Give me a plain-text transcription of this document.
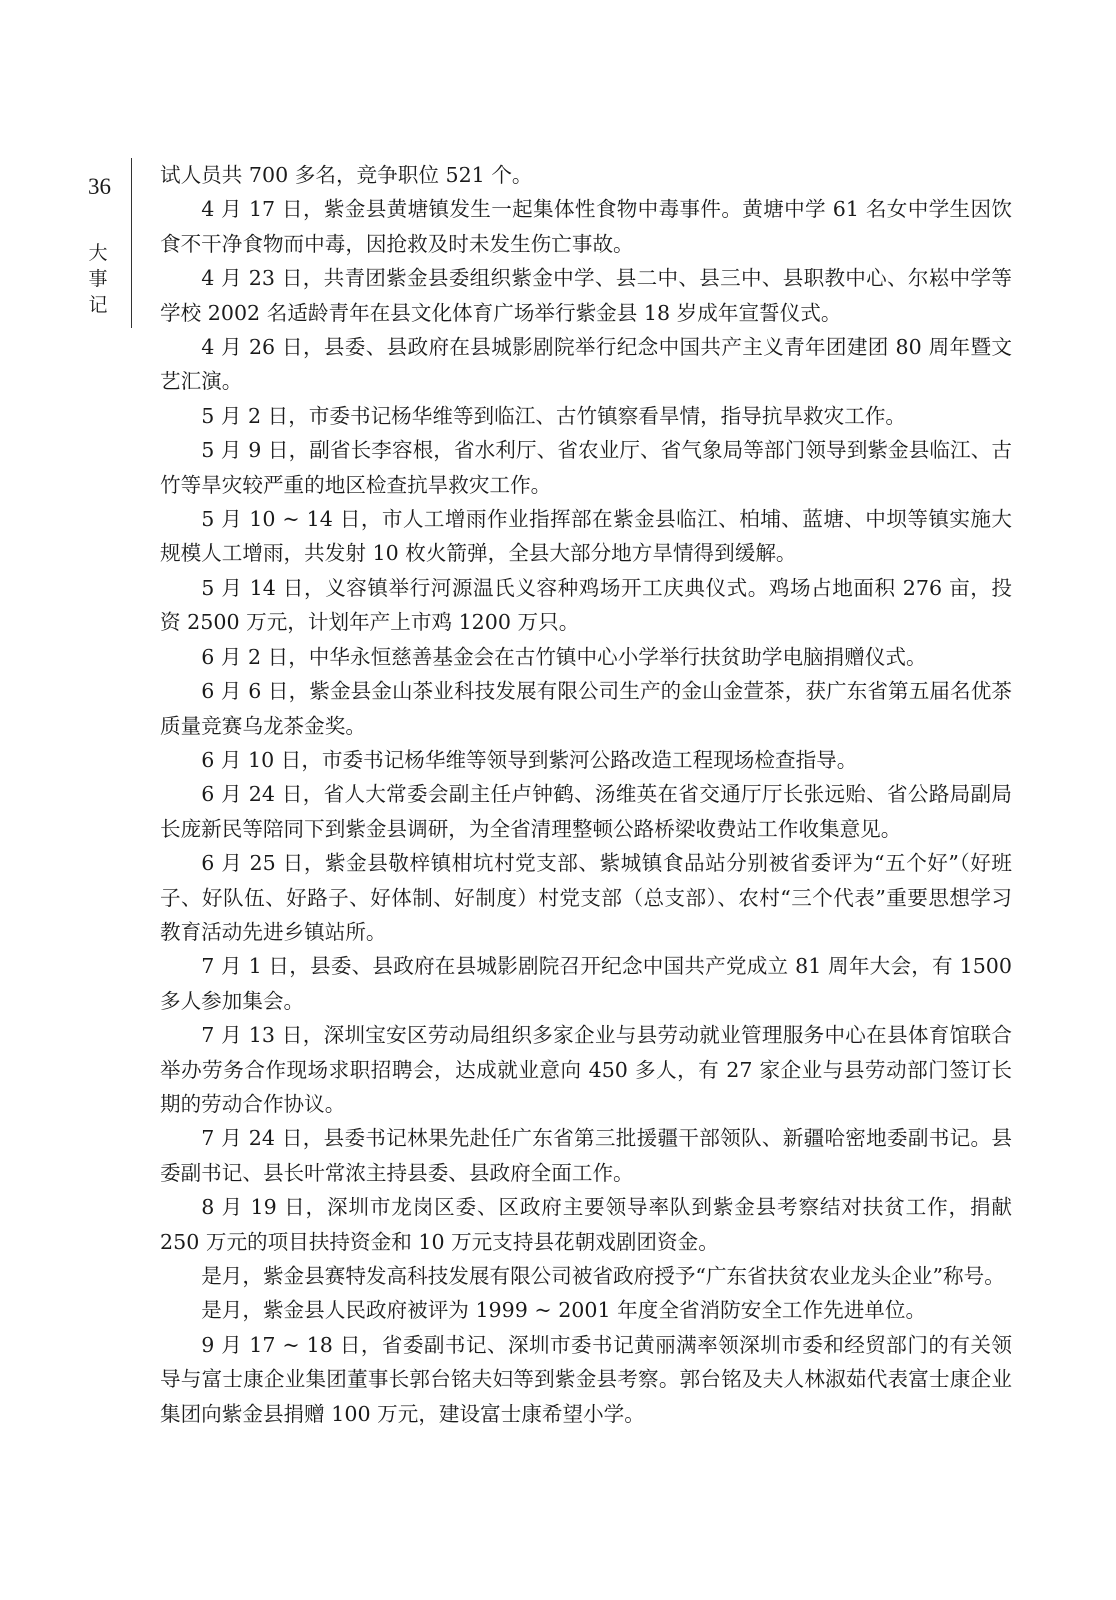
36
大事记

试人员共 700 多名，竞争职位 521 个。

4 月 17 日，紫金县黄塘镇发生一起集体性食物中毒事件。黄塘中学 61 名女中学生因饮食不干净食物而中毒，因抢救及时未发生伤亡事故。

4 月 23 日，共青团紫金县委组织紫金中学、县二中、县三中、县职教中心、尔崧中学等学校 2002 名适龄青年在县文化体育广场举行紫金县 18 岁成年宣誓仪式。

4 月 26 日，县委、县政府在县城影剧院举行纪念中国共产主义青年团建团 80 周年暨文艺汇演。

5 月 2 日，市委书记杨华维等到临江、古竹镇察看旱情，指导抗旱救灾工作。

5 月 9 日，副省长李容根，省水利厅、省农业厅、省气象局等部门领导到紫金县临江、古竹等旱灾较严重的地区检查抗旱救灾工作。

5 月 10 ~ 14 日，市人工增雨作业指挥部在紫金县临江、柏埔、蓝塘、中坝等镇实施大规模人工增雨，共发射 10 枚火箭弹，全县大部分地方旱情得到缓解。

5 月 14 日，义容镇举行河源温氏义容种鸡场开工庆典仪式。鸡场占地面积 276 亩，投资 2500 万元，计划年产上市鸡 1200 万只。

6 月 2 日，中华永恒慈善基金会在古竹镇中心小学举行扶贫助学电脑捐赠仪式。

6 月 6 日，紫金县金山茶业科技发展有限公司生产的金山金萱茶，获广东省第五届名优茶质量竞赛乌龙茶金奖。

6 月 10 日，市委书记杨华维等领导到紫河公路改造工程现场检查指导。

6 月 24 日，省人大常委会副主任卢钟鹤、汤维英在省交通厅厅长张远贻、省公路局副局长庞新民等陪同下到紫金县调研，为全省清理整顿公路桥梁收费站工作收集意见。

6 月 25 日，紫金县敬梓镇柑坑村党支部、紫城镇食品站分别被省委评为“五个好”（好班子、好队伍、好路子、好体制、好制度）村党支部（总支部）、农村“三个代表”重要思想学习教育活动先进乡镇站所。

7 月 1 日，县委、县政府在县城影剧院召开纪念中国共产党成立 81 周年大会，有 1500 多人参加集会。

7 月 13 日，深圳宝安区劳动局组织多家企业与县劳动就业管理服务中心在县体育馆联合举办劳务合作现场求职招聘会，达成就业意向 450 多人，有 27 家企业与县劳动部门签订长期的劳动合作协议。

7 月 24 日，县委书记林果先赴任广东省第三批援疆干部领队、新疆哈密地委副书记。县委副书记、县长叶常浓主持县委、县政府全面工作。

8 月 19 日，深圳市龙岗区委、区政府主要领导率队到紫金县考察结对扶贫工作，捐献 250 万元的项目扶持资金和 10 万元支持县花朝戏剧团资金。

是月，紫金县赛特发高科技发展有限公司被省政府授予“广东省扶贫农业龙头企业”称号。

是月，紫金县人民政府被评为 1999 ~ 2001 年度全省消防安全工作先进单位。

9 月 17 ~ 18 日，省委副书记、深圳市委书记黄丽满率领深圳市委和经贸部门的有关领导与富士康企业集团董事长郭台铭夫妇等到紫金县考察。郭台铭及夫人林淑茹代表富士康企业集团向紫金县捐赠 100 万元，建设富士康希望小学。
